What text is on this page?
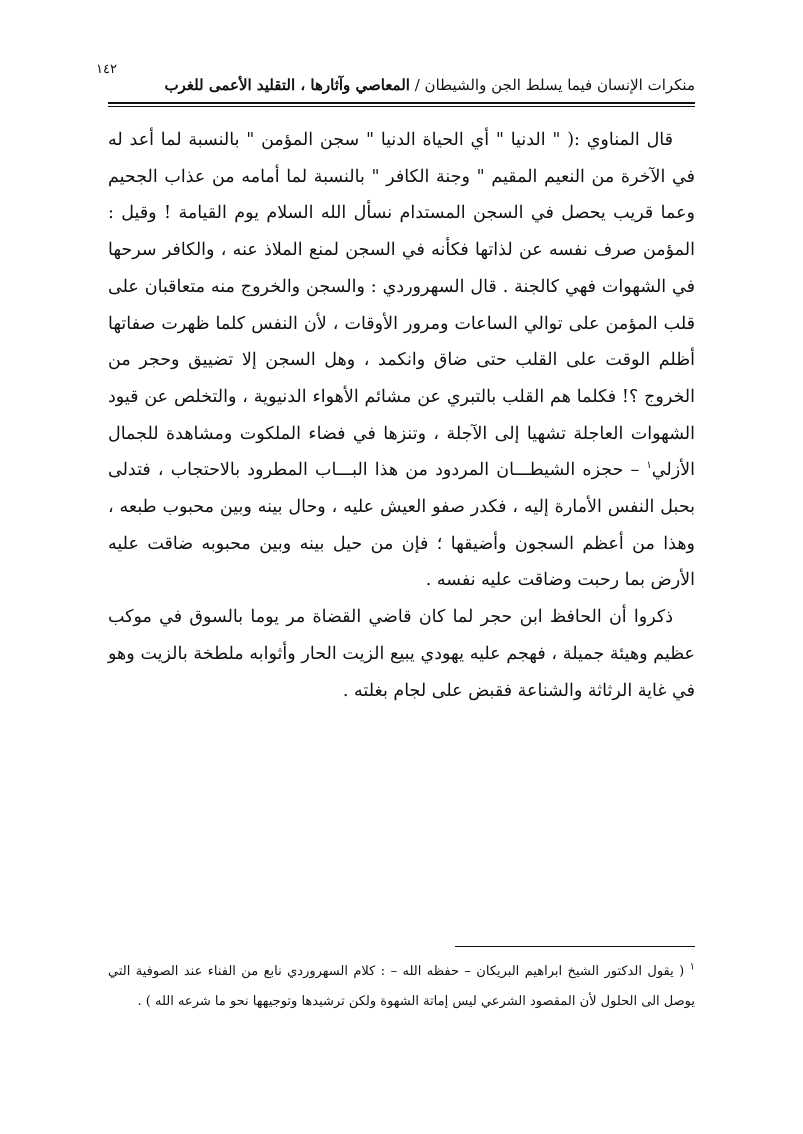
١٤٢
منكرات الإنسان فيما يسلط الجن والشيطان / المعاصي وآثارها ، التقليد الأعمى للغرب

قال المناوي :( " الدنيا " أي الحياة الدنيا " سجن المؤمن " بالنسبة لما أعد له في الآخرة من النعيم المقيم " وجنة الكافر " بالنسبة لما أمامه من عذاب الجحيم وعما قريب يحصل في السجن المستدام نسأل الله السلام يوم القيامة ! وقيل : المؤمن صرف نفسه عن لذاتها فكأنه في السجن لمنع الملاذ عنه ، والكافر سرحها في الشهوات فهي كالجنة . قال السهروردي : والسجن والخروج منه متعاقبان على قلب المؤمن على توالي الساعات ومرور الأوقات ، لأن النفس كلما ظهرت صفاتها أظلم الوقت على القلب حتى ضاق وانكمد ، وهل السجن إلا تضييق وحجر من الخروج ؟! فكلما هم القلب بالتبري عن مشائم الأهواء الدنيوية ، والتخلص عن قيود الشهوات العاجلة تشهيا إلى الآجلة ، وتنزها في فضاء الملكوت ومشاهدة للجمال الأزلي$^١$ – حجزه الشيطـــان المردود من هذا البـــاب المطرود بالاحتجاب ، فتدلى بحبل النفس الأمارة إليه ، فكدر صفو العيش عليه ، وحال بينه وبين محبوب طبعه ، وهذا من أعظم السجون وأضيقها ؛ فإن من حيل بينه وبين محبوبه ضاقت عليه الأرض بما رحبت وضاقت عليه نفسه .

ذكروا أن الحافظ ابن حجر لما كان قاضي القضاة مر يوما بالسوق في موكب عظيم وهيئة جميلة ، فهجم عليه يهودي يبيع الزيت الحار وأثوابه ملطخة بالزيت وهو في غاية الرثاثة والشناعة فقبض على لجام بغلته .

$^١$ ( يقول الدكتور الشيخ ابراهيم البريكان – حفظه الله – : كلام السهروردي نابع من الفناء عند الصوفية التي يوصل الى الحلول لأن المقصود الشرعي ليس إماتة الشهوة ولكن ترشيدها وتوجيهها نحو ما شرعه الله ) .
